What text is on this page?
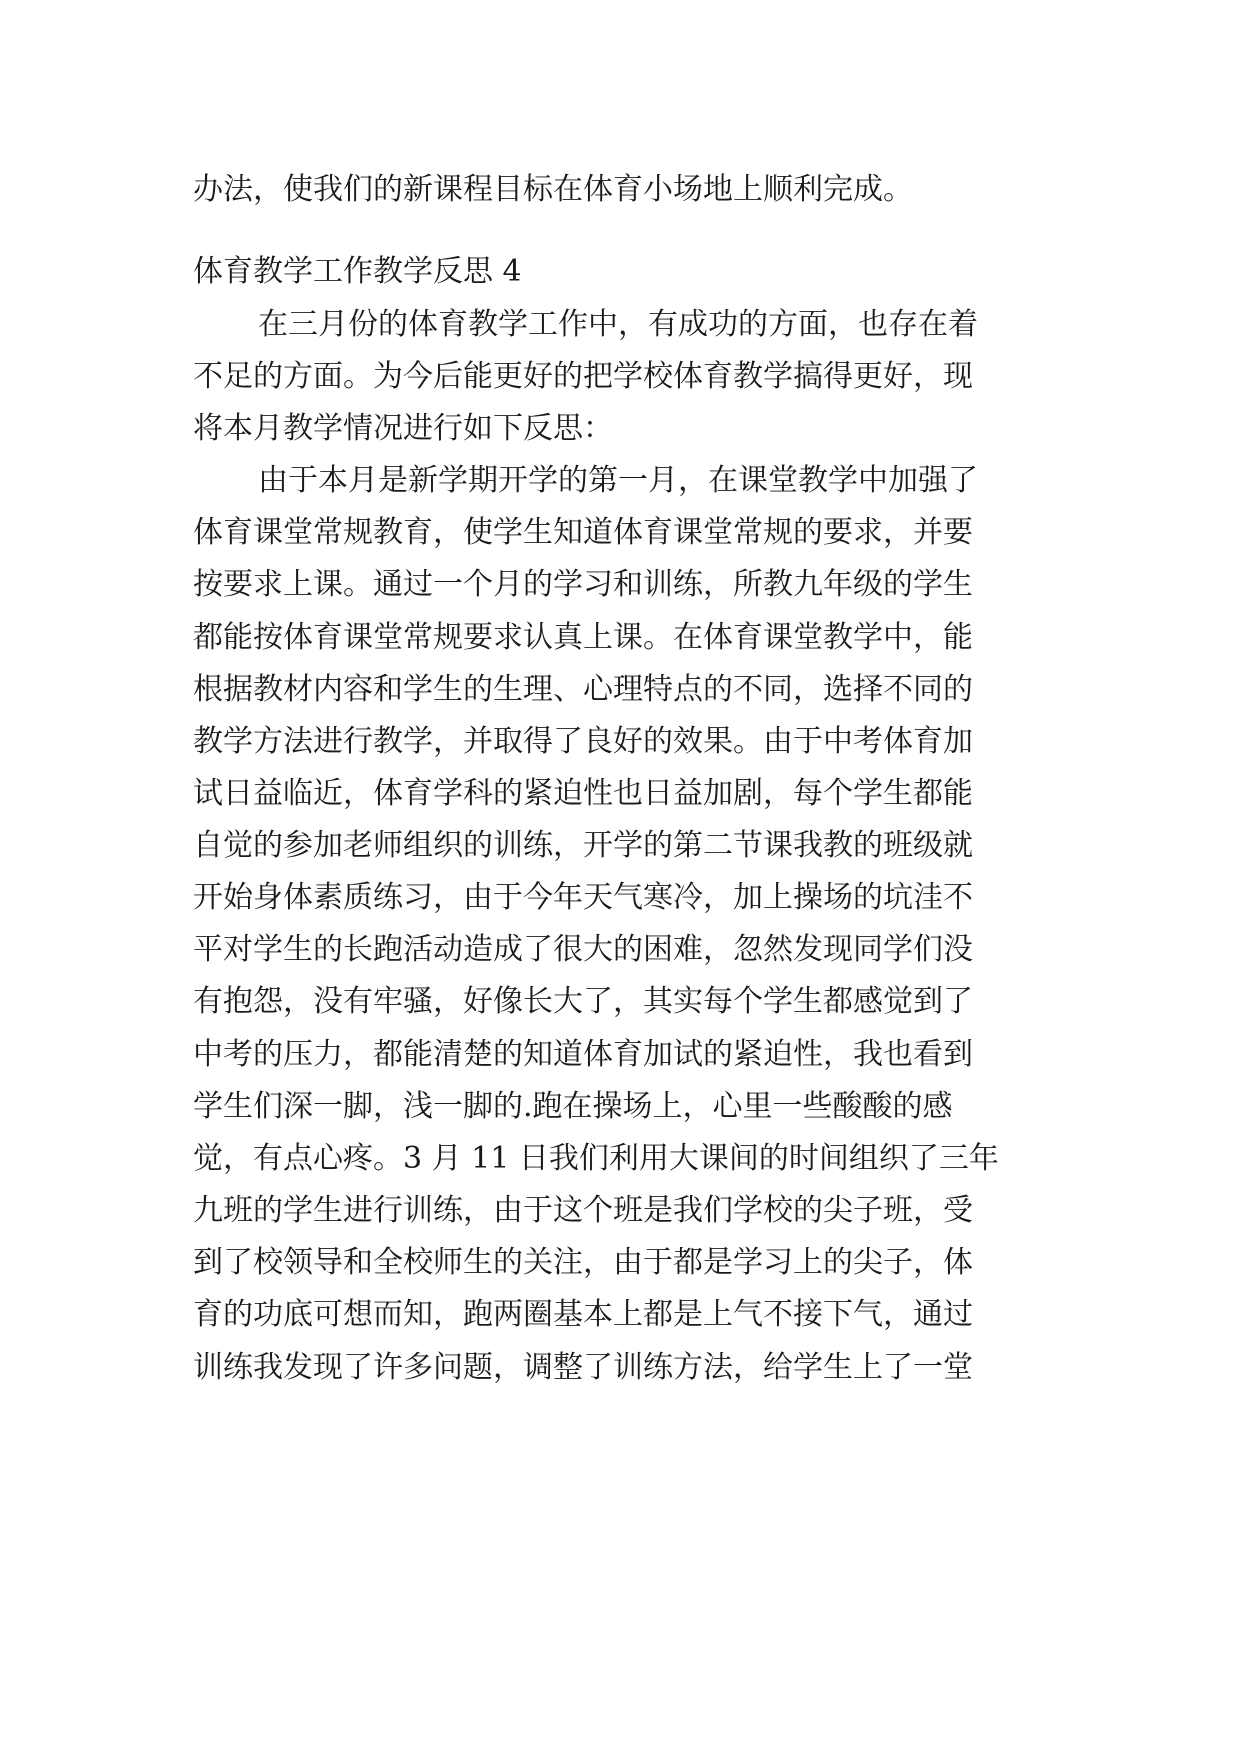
办法，使我们的新课程目标在体育小场地上顺利完成。
体育教学工作教学反思 4
在三月份的体育教学工作中，有成功的方面，也存在着
不足的方面。为今后能更好的把学校体育教学搞得更好，现
将本月教学情况进行如下反思：
由于本月是新学期开学的第一月，在课堂教学中加强了
体育课堂常规教育，使学生知道体育课堂常规的要求，并要
按要求上课。通过一个月的学习和训练，所教九年级的学生
都能按体育课堂常规要求认真上课。在体育课堂教学中，能
根据教材内容和学生的生理、心理特点的不同，选择不同的
教学方法进行教学，并取得了良好的效果。由于中考体育加
试日益临近，体育学科的紧迫性也日益加剧，每个学生都能
自觉的参加老师组织的训练，开学的第二节课我教的班级就
开始身体素质练习，由于今年天气寒冷，加上操场的坑洼不
平对学生的长跑活动造成了很大的困难，忽然发现同学们没
有抱怨，没有牢骚，好像长大了，其实每个学生都感觉到了
中考的压力，都能清楚的知道体育加试的紧迫性，我也看到
学生们深一脚，浅一脚的.跑在操场上，心里一些酸酸的感
觉，有点心疼。3 月 11 日我们利用大课间的时间组织了三年
九班的学生进行训练，由于这个班是我们学校的尖子班，受
到了校领导和全校师生的关注，由于都是学习上的尖子，体
育的功底可想而知，跑两圈基本上都是上气不接下气，通过
训练我发现了许多问题，调整了训练方法，给学生上了一堂
